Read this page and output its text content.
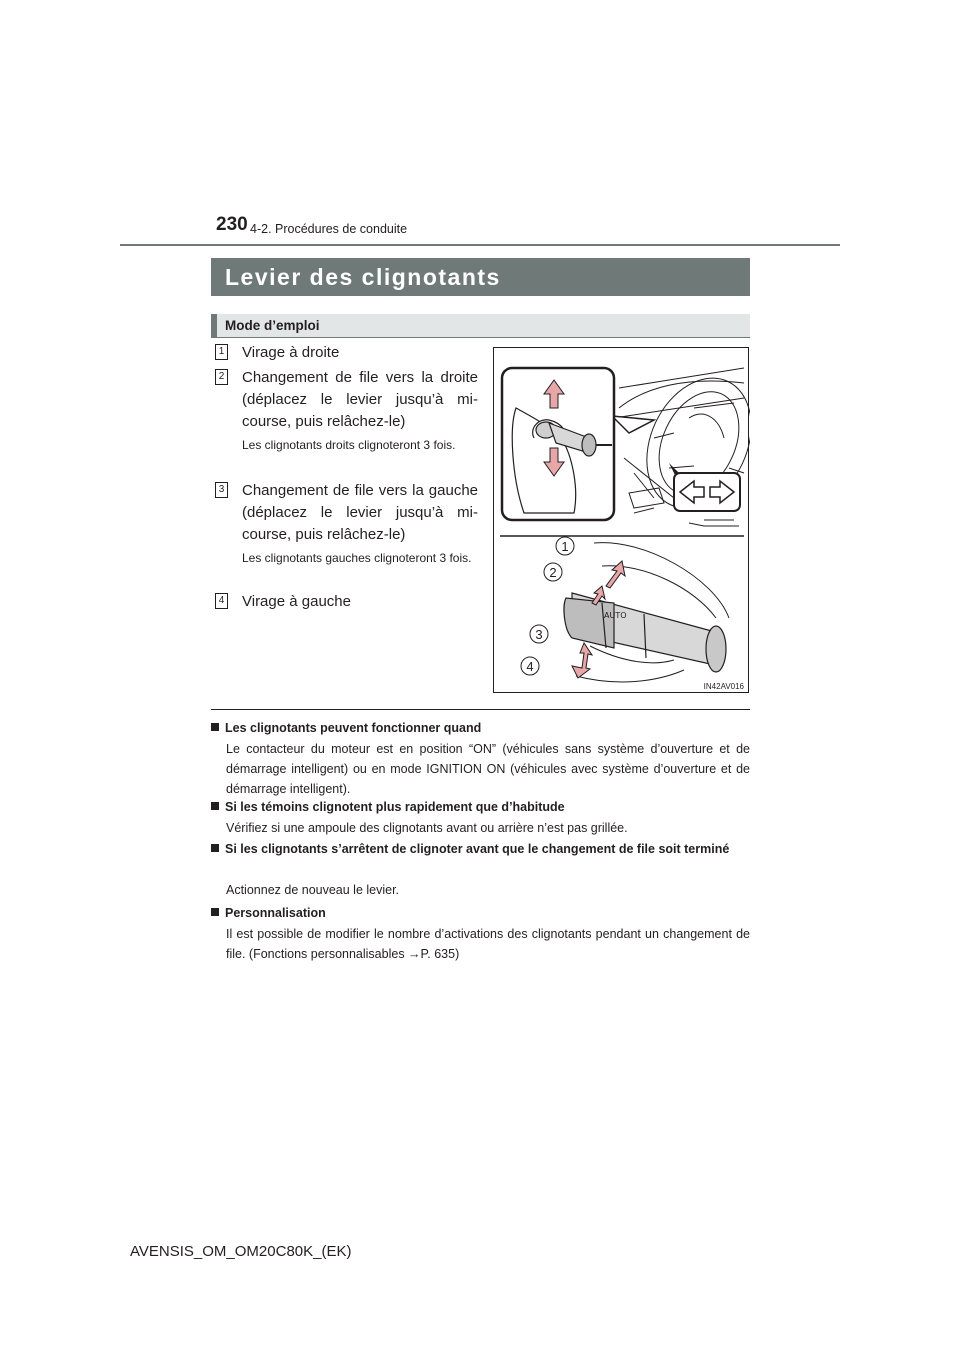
230 4-2. Procédures de conduite
Levier des clignotants
Mode d’emploi
1 Virage à droite
2 Changement de file vers la droite (déplacez le levier jusqu’à mi-course, puis relâchez-le)
Les clignotants droits clignoteront 3 fois.
3 Changement de file vers la gauche (déplacez le levier jusqu’à mi-course, puis relâchez-le)
Les clignotants gauches clignoteront 3 fois.
4 Virage à gauche
AUTO
1
2
3
4
IN42AV016
Les clignotants peuvent fonctionner quand
Le contacteur du moteur est en position “ON” (véhicules sans système d’ouverture et de démarrage intelligent) ou en mode IGNITION ON (véhicules avec système d’ouverture et de démarrage intelligent).
Si les témoins clignotent plus rapidement que d’habitude
Vérifiez si une ampoule des clignotants avant ou arrière n’est pas grillée.
Si les clignotants s’arrêtent de clignoter avant que le changement de file soit terminé
Actionnez de nouveau le levier.
Personnalisation
Il est possible de modifier le nombre d’activations des clignotants pendant un changement de file. (Fonctions personnalisables →P. 635)
AVENSIS_OM_OM20C80K_(EK)
